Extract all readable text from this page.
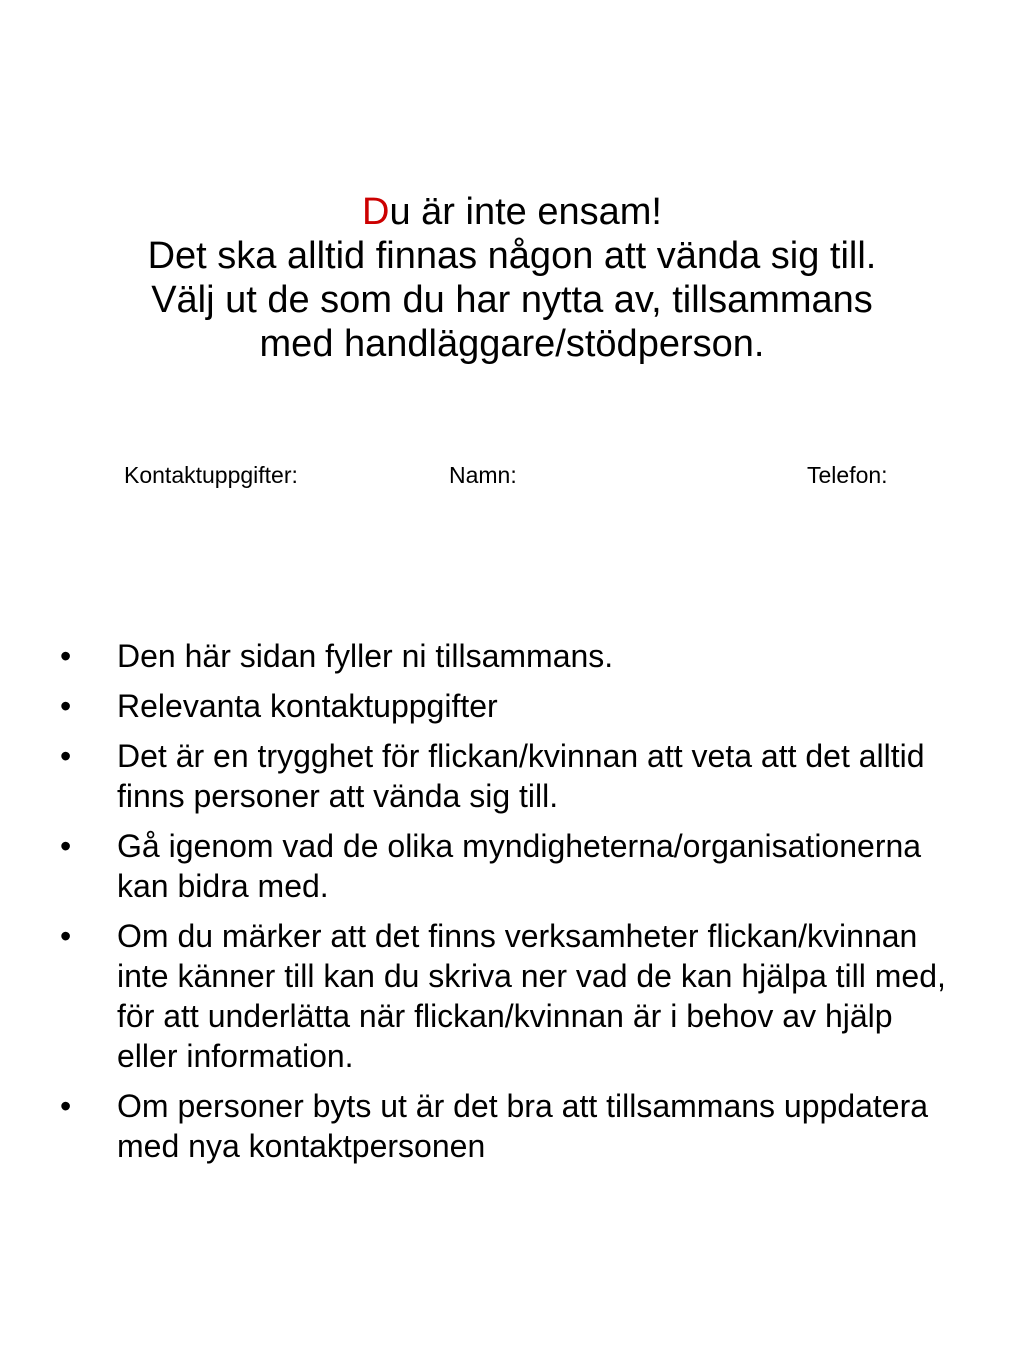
Du är inte ensam!
Det ska alltid finnas någon att vända sig till.
Välj ut de som du har nytta av, tillsammans
med handläggare/stödperson.
Kontaktuppgifter:	Namn:	Telefon:
•	Den här sidan fyller ni tillsammans.
•	Relevanta kontaktuppgifter
•	Det är en trygghet för flickan/kvinnan att veta att det alltid finns personer att vända sig till.
•	Gå igenom vad de olika myndigheterna/organisationerna kan bidra med.
•	Om du märker att det finns verksamheter flickan/kvinnan inte känner till kan du skriva ner vad de kan hjälpa till med, för att underlätta när flickan/kvinnan är i behov av hjälp eller information.
•	Om personer byts ut är det bra att tillsammans uppdatera med nya kontaktpersonen
